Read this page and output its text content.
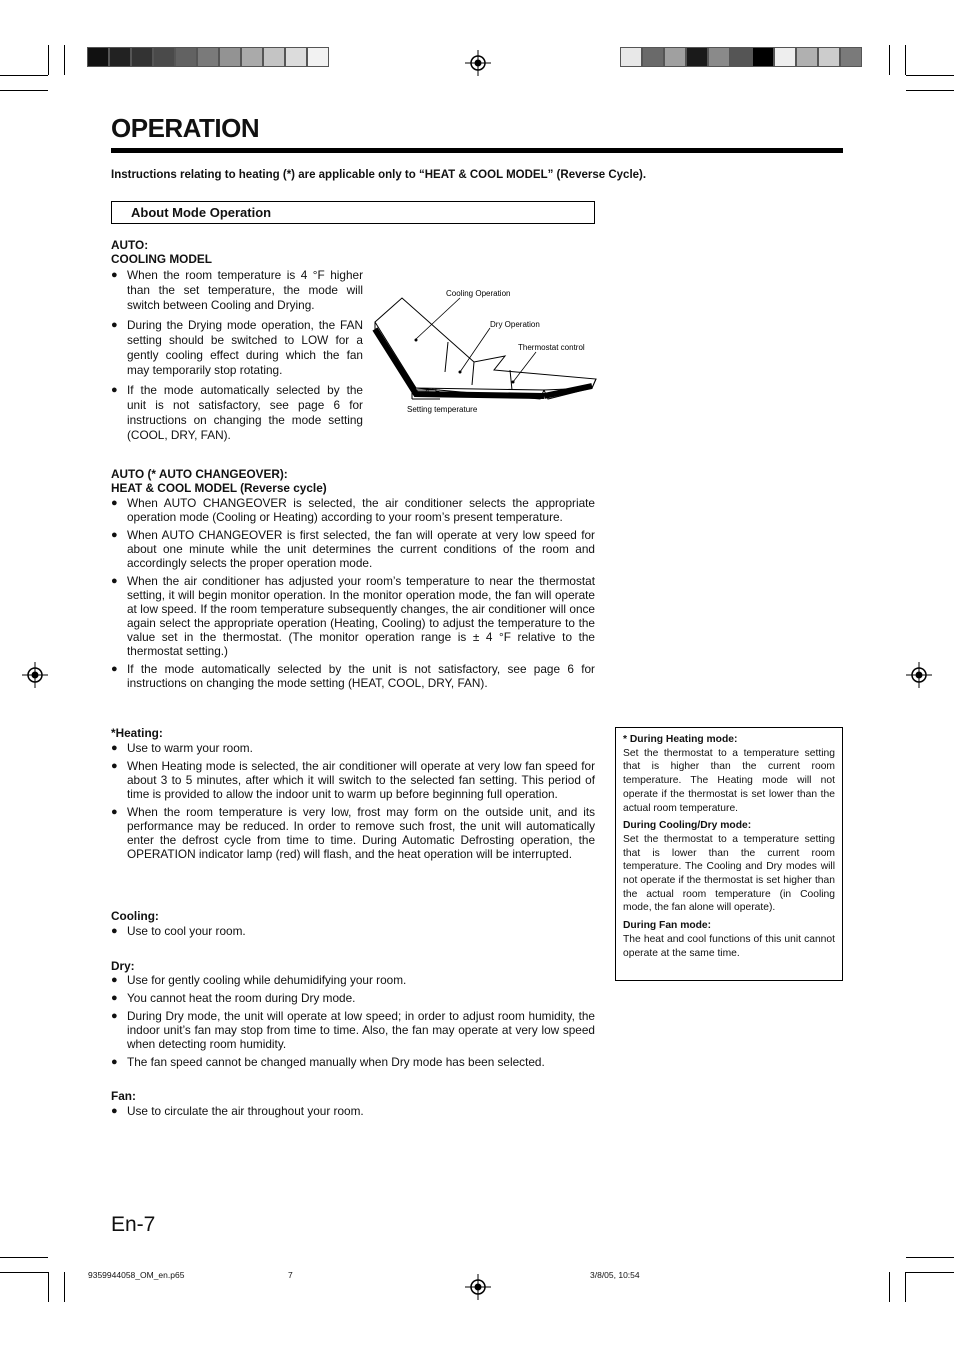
OPERATION
Instructions relating to heating (*) are applicable only to “HEAT & COOL MODEL” (Reverse Cycle).
About Mode Operation

AUTO:

COOLING MODEL

● When the room temperature is 4 °F higher than the set temperature, the mode will switch between Cooling and Drying.
● During the Drying mode operation, the FAN setting should be switched to LOW for a gently cooling effect during which the fan may temporarily stop rotating.
● If the mode automatically selected by the unit is not satisfactory, see page 6 for instructions on changing the mode setting (COOL, DRY, FAN).
Cooling Operation
Dry Operation
Thermostat control
4 °F
Setting temperature

AUTO (* AUTO CHANGEOVER):

HEAT & COOL MODEL (Reverse cycle)

● When AUTO CHANGEOVER is selected, the air conditioner selects the appropriate operation mode (Cooling or Heating) according to your room’s present temperature.
● When AUTO CHANGEOVER is first selected, the fan will operate at very low speed for about one minute while the unit determines the current conditions of the room and accordingly selects the proper operation mode.
● When the air conditioner has adjusted your room’s temperature to near the thermostat setting, it will begin monitor operation. In the monitor operation mode, the fan will operate at low speed. If the room temperature subsequently changes, the air conditioner will once again select the appropriate operation (Heating, Cooling) to adjust the temperature to the value set in the thermostat. (The monitor operation range is ± 4 °F relative to the thermostat setting.)
● If the mode automatically selected by the unit is not satisfactory, see page 6 for instructions on changing the mode setting (HEAT, COOL, DRY, FAN).

*Heating:

● Use to warm your room.
● When Heating mode is selected, the air conditioner will operate at very low fan speed for about 3 to 5 minutes, after which it will switch to the selected fan setting. This period of time is provided to allow the indoor unit to warm up before beginning full operation.
● When the room temperature is very low, frost may form on the outside unit, and its performance may be reduced. In order to remove such frost, the unit will automatically enter the defrost cycle from time to time. During Automatic Defrosting operation, the OPERATION indicator lamp (red) will flash, and the heat operation will be interrupted.

Cooling:

● Use to cool your room.

Dry:

● Use for gently cooling while dehumidifying your room.
● You cannot heat the room during Dry mode.
● During Dry mode, the unit will operate at low speed; in order to adjust room humidity, the indoor unit’s fan may stop from time to time. Also, the fan may operate at very low speed when detecting room humidity.
● The fan speed cannot be changed manually when Dry mode has been selected.

Fan:

● Use to circulate the air throughout your room.

* During Heating mode:
Set the thermostat to a temperature setting that is higher than the current room temperature. The Heating mode will not operate if the thermostat is set lower than the actual room temperature.

During Cooling/Dry mode:
Set the thermostat to a temperature setting that is lower than the current room temperature. The Cooling and Dry modes will not operate if the thermostat is set higher than the actual room temperature (in Cooling mode, the fan alone will operate).

During Fan mode:
The heat and cool functions of this unit cannot operate at the same time.

En-7
9359944058_OM_en.p65	7	3/8/05, 10:54
